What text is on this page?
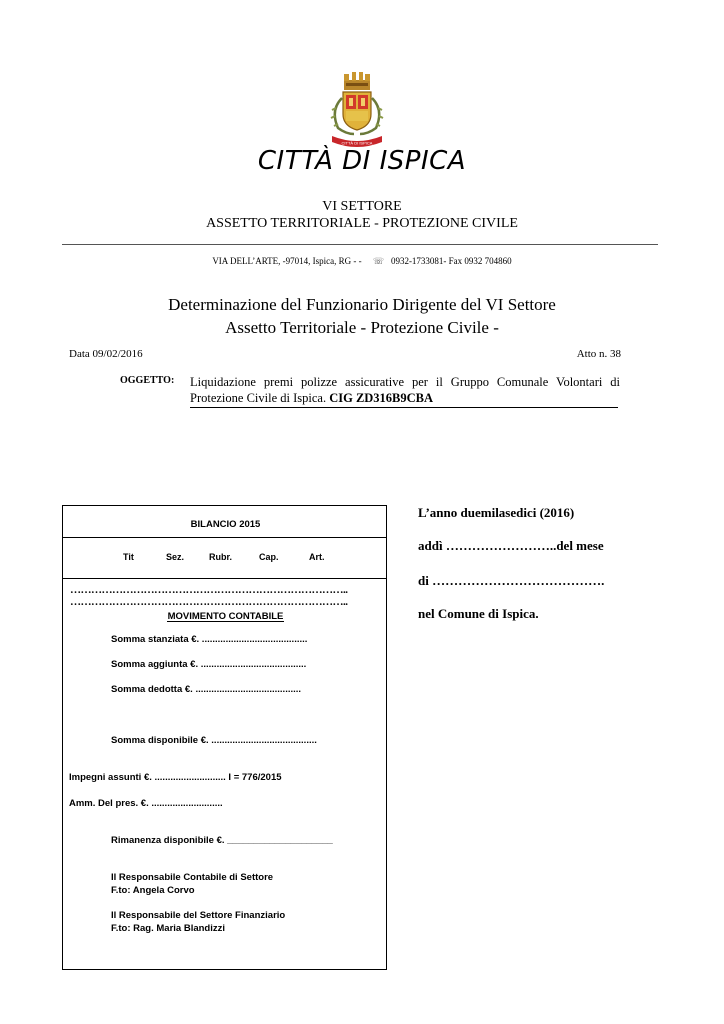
CITTÀ DI ISPICA
CITTÀ DI ISPICA
VI SETTORE
ASSETTO TERRITORIALE - PROTEZIONE CIVILE
VIA DELL’ARTE, -97014, Ispica, RG - - ☏ 0932-1733081- Fax 0932 704860
Determinazione del Funzionario Dirigente del VI Settore
Assetto Territoriale - Protezione Civile -
Data 09/02/2016	Atto n. 38
OGGETTO: Liquidazione premi polizze assicurative per il Gruppo Comunale Volontari di Protezione Civile di Ispica. CIG ZD316B9CBA
BILANCIO 2015
Tit	Sez.	Rubr.	Cap.	Art.
……………………………………………………………………..
……………………………………………………………………..
MOVIMENTO CONTABILE
Somma stanziata €. ........................................
Somma aggiunta €. ........................................
Somma dedotta €. ........................................
Somma disponibile €. ........................................
Impegni assunti €. ........................... I = 776/2015
Amm. Del pres. €. ...........................
Rimanenza disponibile €. ____________________
Il Responsabile Contabile di Settore
F.to: Angela Corvo
Il Responsabile del Settore Finanziario
F.to: Rag. Maria Blandizzi
L’anno duemilasedici (2016)
addì ……………………..del mese
di ………………………………….
nel Comune di Ispica.
